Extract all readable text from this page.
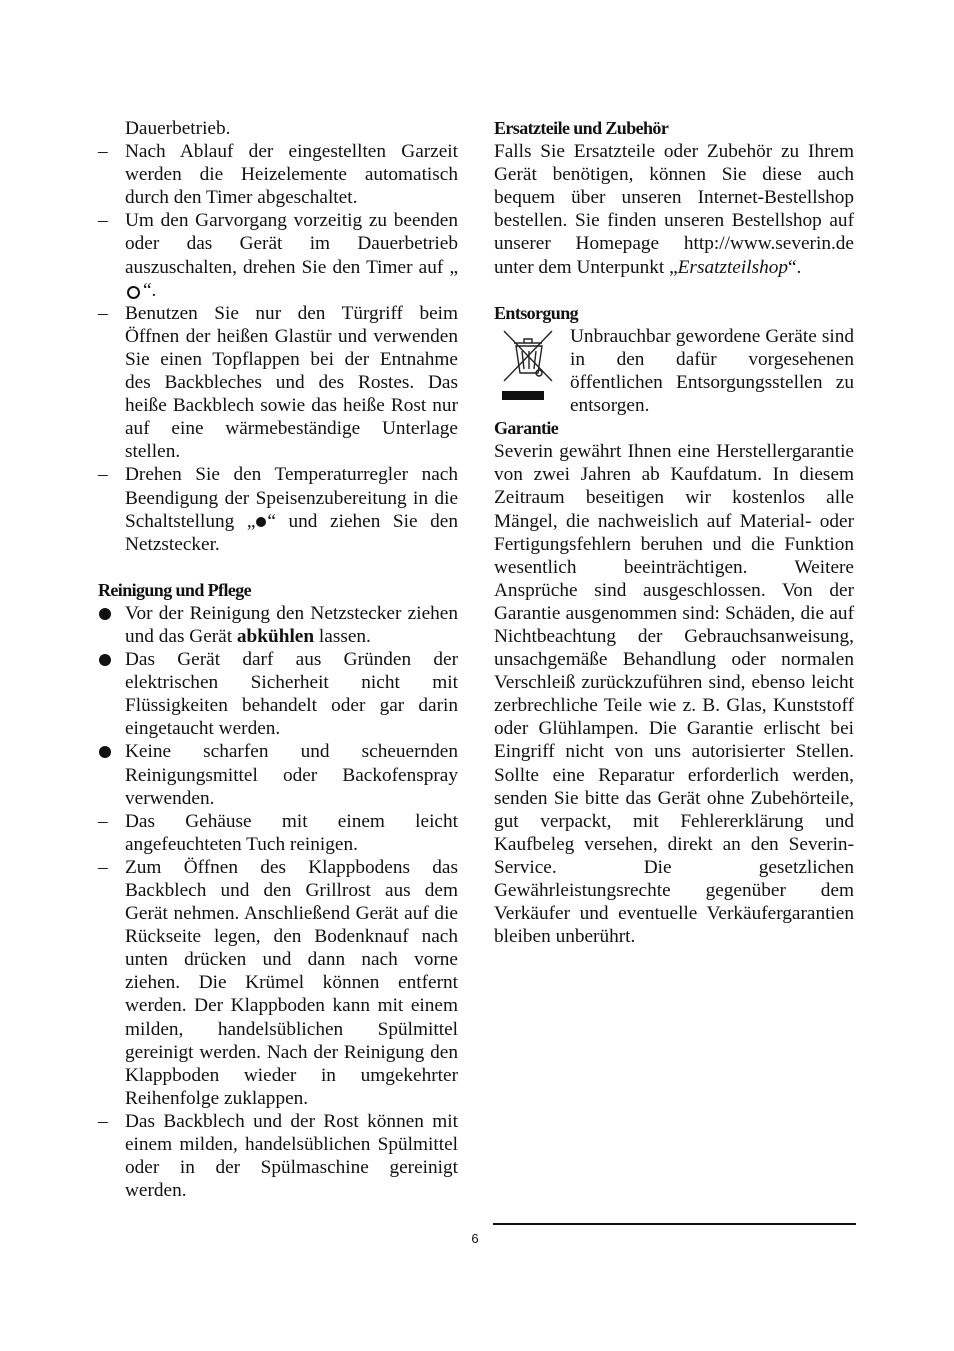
Dauerbetrieb.

–
Nach Ablauf der eingestellten Garzeit werden die Heizelemente automatisch durch den Timer abgeschaltet.
–
Um den Garvorgang vorzeitig zu beenden oder das Gerät im Dauerbetrieb auszuschalten, drehen Sie den Timer auf „“.
–
Benutzen Sie nur den Türgriff beim Öffnen der heißen Glastür und verwenden Sie einen Topflappen bei der Entnahme des Backbleches und des Rostes. Das heiße Backblech sowie das heiße Rost nur auf eine wärmebeständige Unterlage stellen.
–
Drehen Sie den Temperaturregler nach Beendigung der Speisenzubereitung in die Schaltstellung „ “ und ziehen Sie den Netzstecker.
Reinigung und Pflege
Vor der Reinigung den Netzstecker ziehen und das Gerät abkühlen lassen.
Das Gerät darf aus Gründen der elektrischen Sicherheit nicht mit Flüssigkeiten behandelt oder gar darin eingetaucht werden.
Keine scharfen und scheuernden Reinigungsmittel oder Backofenspray verwenden.
–
Das Gehäuse mit einem leicht angefeuchteten Tuch reinigen.
–
Zum Öffnen des Klappbodens das Backblech und den Grillrost aus dem Gerät nehmen. Anschließend Gerät auf die Rückseite legen, den Bodenknauf nach unten drücken und dann nach vorne ziehen. Die Krümel können entfernt werden. Der Klappboden kann mit einem milden, handelsüblichen Spülmittel gereinigt werden. Nach der Reinigung den Klappboden wieder in umgekehrter Reihenfolge zuklappen.
–
Das Backblech und der Rost können mit einem milden, handelsüblichen Spülmittel oder in der Spülmaschine gereinigt werden.
Ersatzteile und Zubehör

Falls Sie Ersatzteile oder Zubehör zu Ihrem Gerät benötigen, können Sie diese auch bequem über unseren Internet-Bestellshop bestellen. Sie finden unseren Bestellshop auf unserer Homepage http://www.severin.de unter dem Unterpunkt „Ersatzteilshop“.

Entsorgung

Unbrauchbar gewordene Geräte sind in den dafür vorgesehenen öffentlichen Entsorgungsstellen zu entsorgen.

Garantie

Severin gewährt Ihnen eine Herstellergarantie von zwei Jahren ab Kaufdatum. In diesem Zeitraum beseitigen wir kostenlos alle Mängel, die nachweislich auf Material- oder Fertigungsfehlern beruhen und die Funktion wesentlich beeinträchtigen. Weitere Ansprüche sind ausgeschlossen. Von der Garantie ausgenommen sind: Schäden, die auf Nichtbeachtung der Gebrauchsanweisung, unsachgemäße Behandlung oder normalen Verschleiß zurückzuführen sind, ebenso leicht zerbrechliche Teile wie z. B. Glas, Kunststoff oder Glühlampen. Die Garantie erlischt bei Eingriff nicht von uns autorisierter Stellen. Sollte eine Reparatur erforderlich werden, senden Sie bitte das Gerät ohne Zubehörteile, gut verpackt, mit Fehlererklärung und Kaufbeleg versehen, direkt an den Severin-Service. Die gesetzlichen Gewährleistungsrechte gegenüber dem Verkäufer und eventuelle Verkäufergarantien bleiben unberührt.

6
